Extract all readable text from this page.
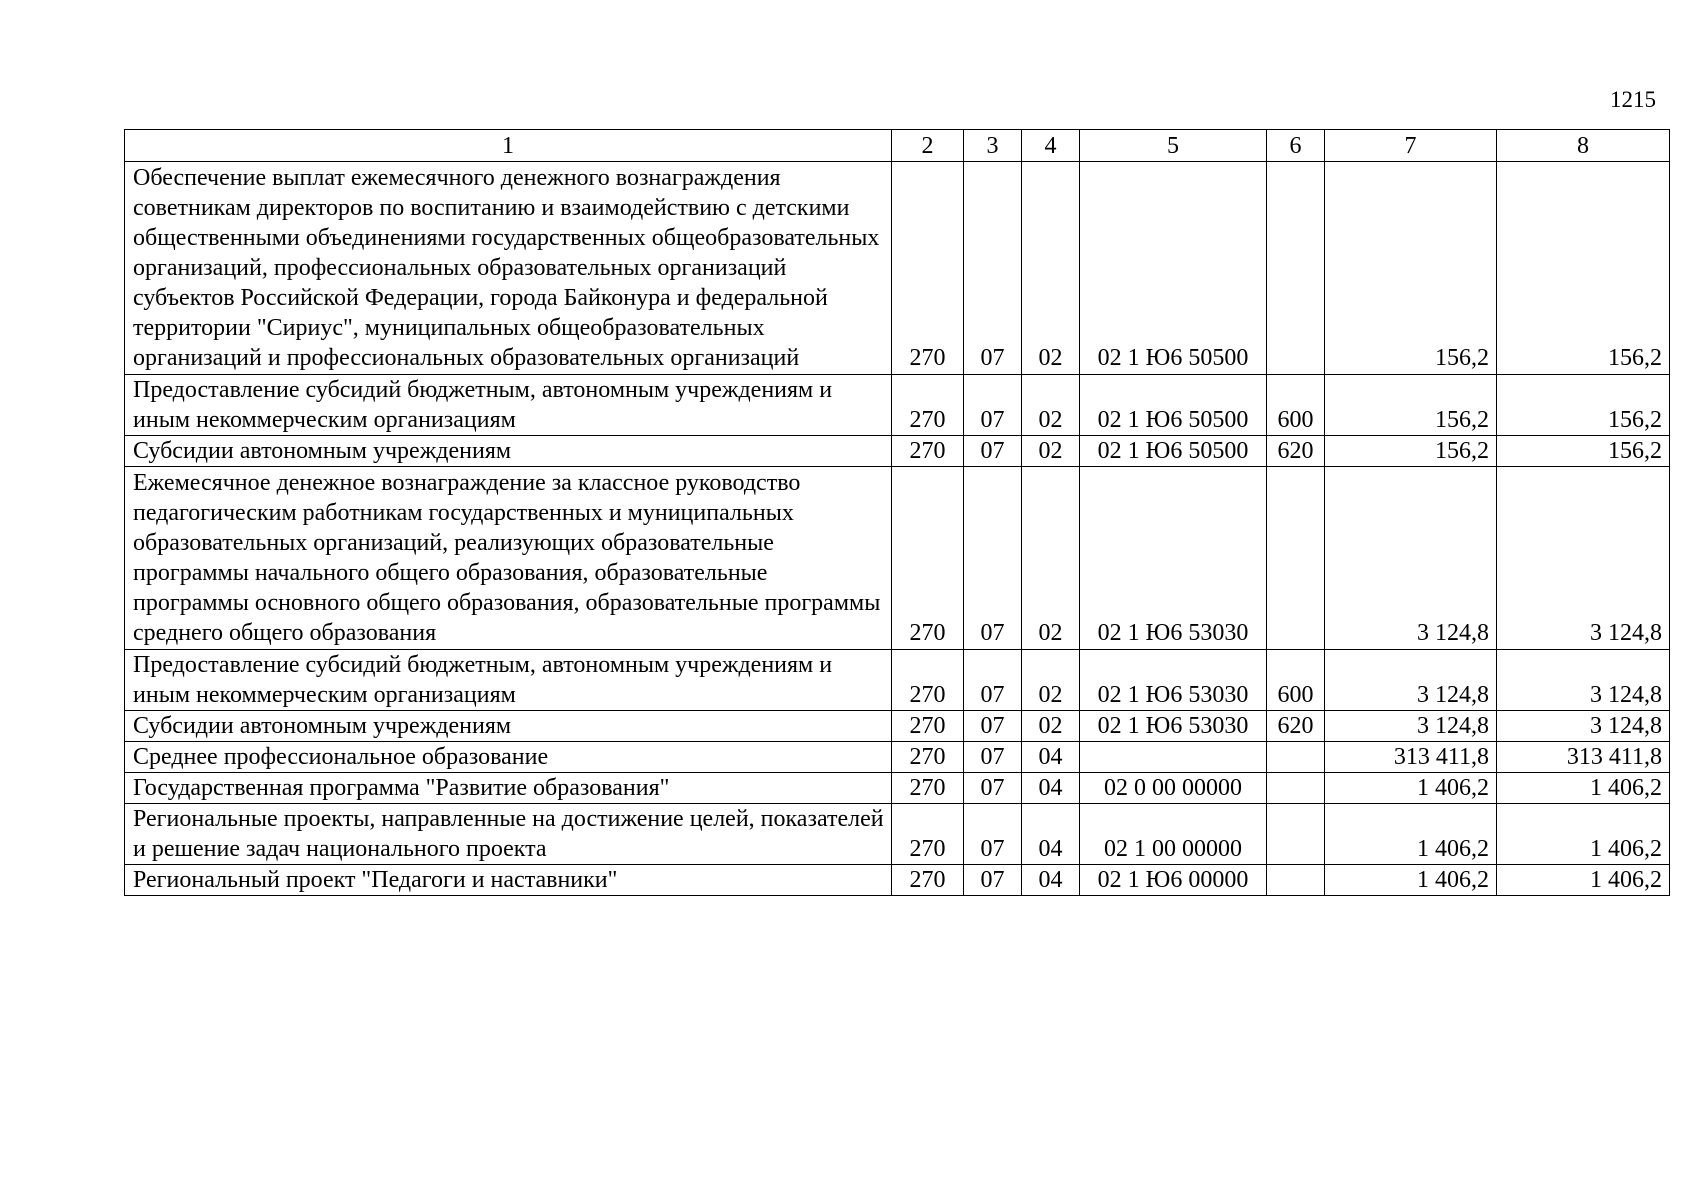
1215
1	2	3	4	5	6	7	8
Обеспечение выплат ежемесячного денежного вознаграждения советникам директоров по воспитанию и взаимодействию с детскими общественными объединениями государственных общеобразовательных организаций, профессиональных образовательных организаций субъектов Российской Федерации, города Байконура и федеральной территории "Сириус", муниципальных общеобразовательных организаций и профессиональных образовательных организаций	270	07	02	02 1 Ю6 50500		156,2	156,2
Предоставление субсидий бюджетным, автономным учреждениям и иным некоммерческим организациям	270	07	02	02 1 Ю6 50500	600	156,2	156,2
Субсидии автономным учреждениям	270	07	02	02 1 Ю6 50500	620	156,2	156,2
Ежемесячное денежное вознаграждение за классное руководство педагогическим работникам государственных и муниципальных образовательных организаций, реализующих образовательные программы начального общего образования, образовательные программы основного общего образования, образовательные программы среднего общего образования	270	07	02	02 1 Ю6 53030		3 124,8	3 124,8
Предоставление субсидий бюджетным, автономным учреждениям и иным некоммерческим организациям	270	07	02	02 1 Ю6 53030	600	3 124,8	3 124,8
Субсидии автономным учреждениям	270	07	02	02 1 Ю6 53030	620	3 124,8	3 124,8
Среднее профессиональное образование	270	07	04			313 411,8	313 411,8
Государственная программа "Развитие образования"	270	07	04	02 0 00 00000		1 406,2	1 406,2
Региональные проекты, направленные на достижение целей, показателей и решение задач национального проекта	270	07	04	02 1 00 00000		1 406,2	1 406,2
Региональный проект "Педагоги и наставники"	270	07	04	02 1 Ю6 00000		1 406,2	1 406,2
